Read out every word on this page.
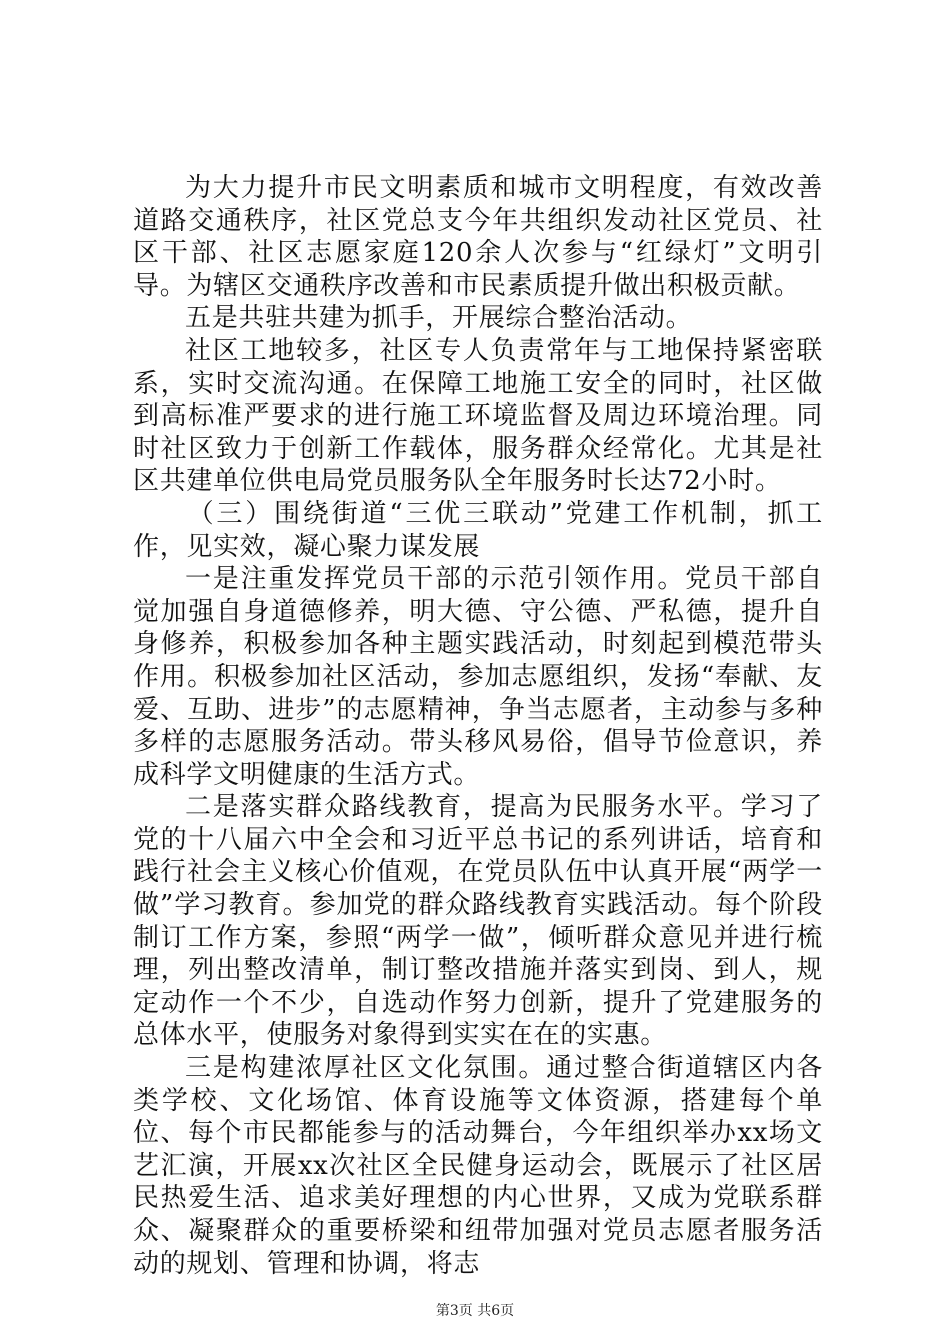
为大力提升市民文明素质和城市文明程度，有效改善道路交通秩序，社区党总支今年共组织发动社区党员、社区干部、社区志愿家庭120余人次参与“红绿灯”文明引导。为辖区交通秩序改善和市民素质提升做出积极贡献。

五是共驻共建为抓手，开展综合整治活动。

社区工地较多，社区专人负责常年与工地保持紧密联系，实时交流沟通。在保障工地施工安全的同时，社区做到高标准严要求的进行施工环境监督及周边环境治理。同时社区致力于创新工作载体，服务群众经常化。尤其是社区共建单位供电局党员服务队全年服务时长达72小时。

（三）围绕街道“三优三联动”党建工作机制，抓工作，见实效，凝心聚力谋发展

一是注重发挥党员干部的示范引领作用。党员干部自觉加强自身道德修养，明大德、守公德、严私德，提升自身修养，积极参加各种主题实践活动，时刻起到模范带头作用。积极参加社区活动，参加志愿组织，发扬“奉献、友爱、互助、进步”的志愿精神，争当志愿者，主动参与多种多样的志愿服务活动。带头移风易俗，倡导节俭意识，养成科学文明健康的生活方式。

二是落实群众路线教育，提高为民服务水平。学习了党的十八届六中全会和习近平总书记的系列讲话，培育和践行社会主义核心价值观，在党员队伍中认真开展“两学一做”学习教育。参加党的群众路线教育实践活动。每个阶段制订工作方案，参照“两学一做”，倾听群众意见并进行梳理，列出整改清单，制订整改措施并落实到岗、到人，规定动作一个不少，自选动作努力创新，提升了党建服务的总体水平，使服务对象得到实实在在的实惠。

三是构建浓厚社区文化氛围。通过整合街道辖区内各类学校、文化场馆、体育设施等文体资源，搭建每个单位、每个市民都能参与的活动舞台，今年组织举办xx场文艺汇演，开展xx次社区全民健身运动会，既展示了社区居民热爱生活、追求美好理想的内心世界，又成为党联系群众、凝聚群众的重要桥梁和纽带加强对党员志愿者服务活动的规划、管理和协调，将志

第3页 共6页
